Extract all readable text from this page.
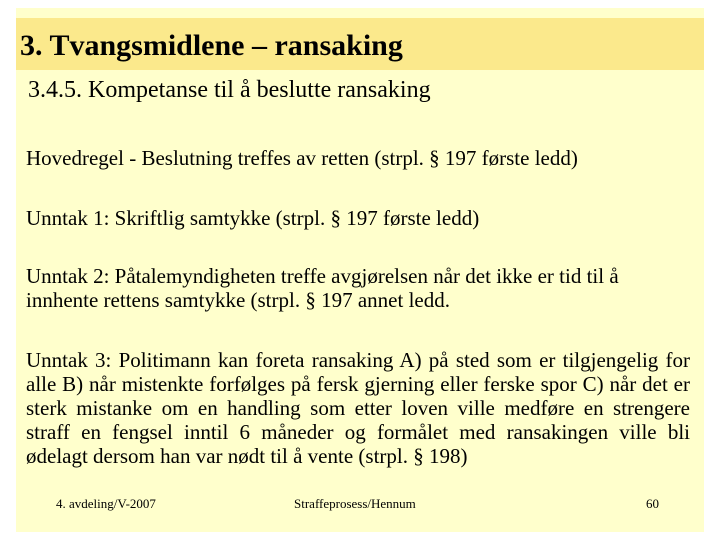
3. Tvangsmidlene – ransaking
3.4.5. Kompetanse til å beslutte ransaking
Hovedregel - Beslutning treffes av retten (strpl. § 197 første ledd)
Unntak 1: Skriftlig samtykke (strpl. § 197 første ledd)
Unntak 2: Påtalemyndigheten treffe avgjørelsen når det ikke er tid til å innhente rettens samtykke (strpl. § 197 annet ledd.
Unntak 3: Politimann kan foreta ransaking A) på sted som er tilgjengelig for alle B) når mistenkte forfølges på fersk gjerning eller ferske spor C) når det er sterk mistanke om en handling som etter loven ville medføre en strengere straff en fengsel inntil 6 måneder og formålet med ransakingen ville bli ødelagt dersom han var nødt til å vente (strpl. § 198)
4. avdeling/V-2007	Straffeprosess/Hennum	60
